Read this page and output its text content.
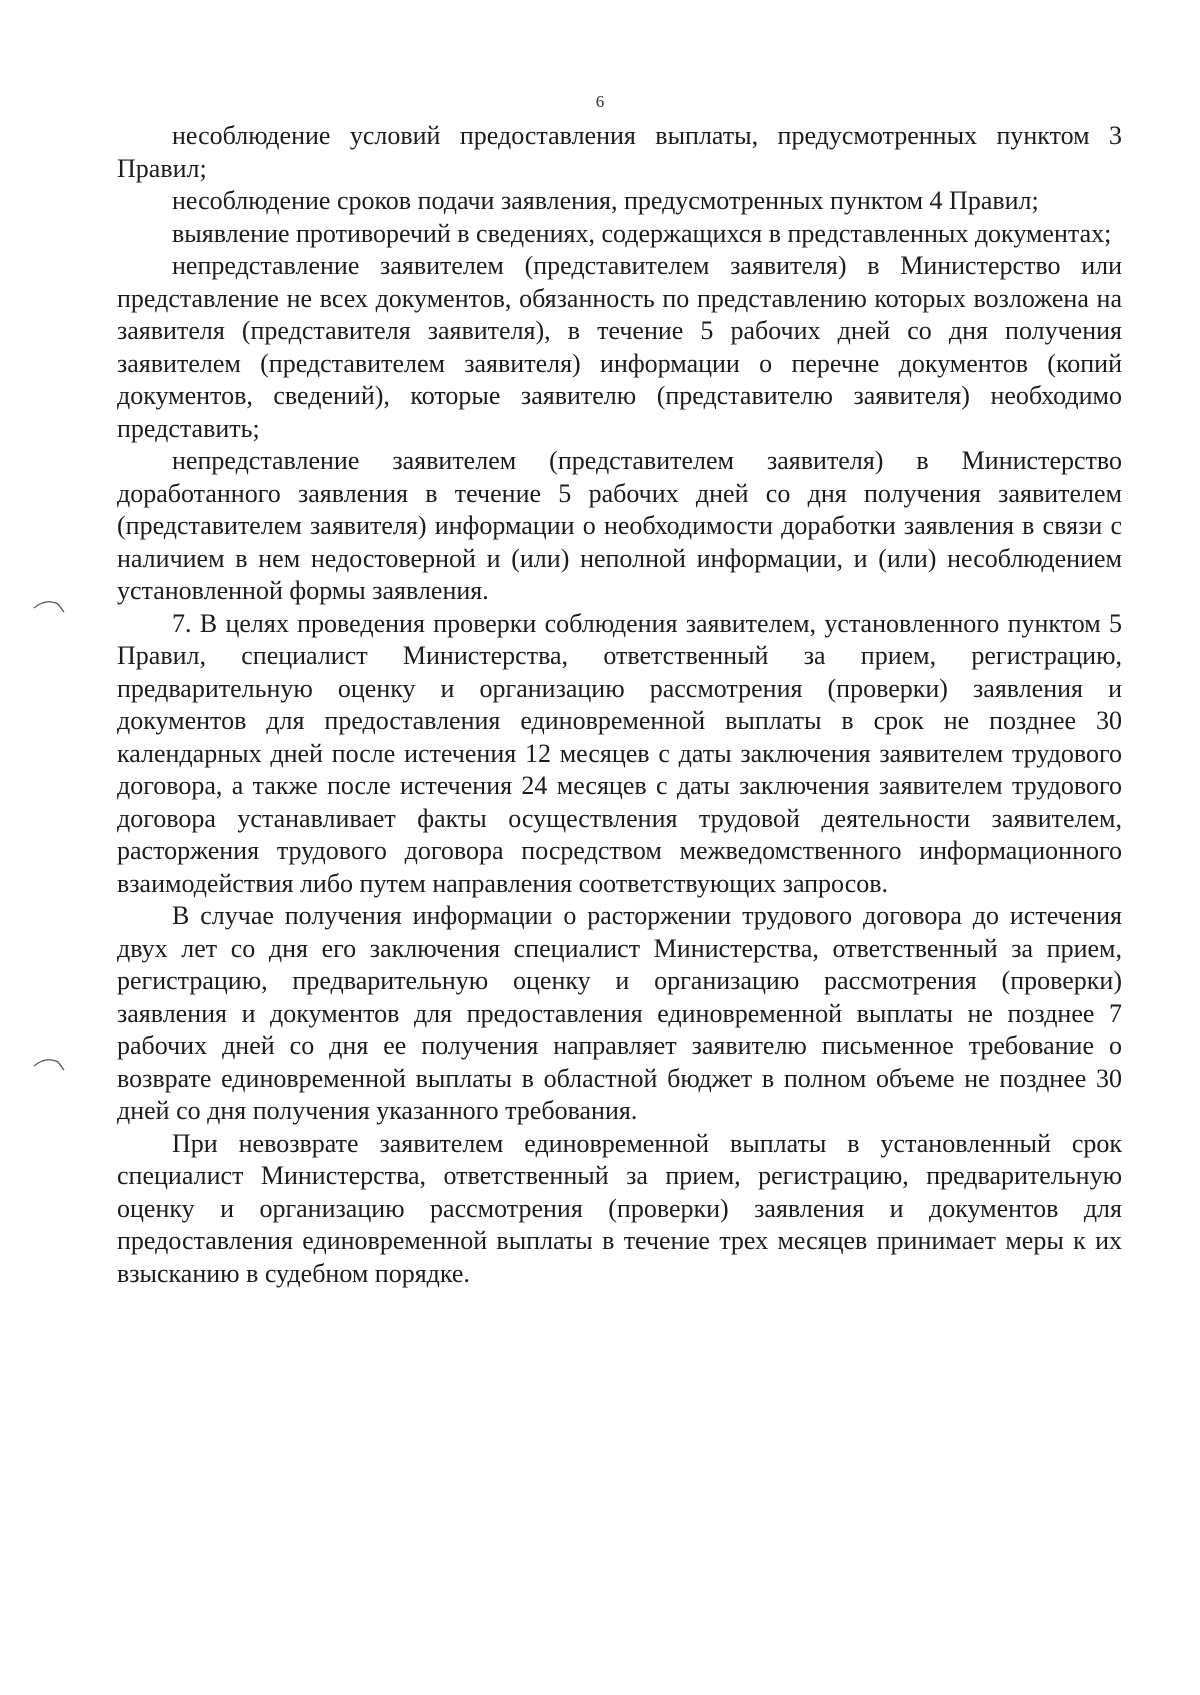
6

несоблюдение условий предоставления выплаты, предусмотренных пунктом 3 Правил;

несоблюдение сроков подачи заявления, предусмотренных пунктом 4 Правил;

выявление противоречий в сведениях, содержащихся в представленных документах;

непредставление заявителем (представителем заявителя) в Министерство или представление не всех документов, обязанность по представлению которых возложена на заявителя (представителя заявителя), в течение 5 рабочих дней со дня получения заявителем (представителем заявителя) информации о перечне документов (копий документов, сведений), которые заявителю (представителю заявителя) необходимо представить;

непредставление заявителем (представителем заявителя) в Министерство доработанного заявления в течение 5 рабочих дней со дня получения заявителем (представителем заявителя) информации о необходимости доработки заявления в связи с наличием в нем недостоверной и (или) неполной информации, и (или) несоблюдением установленной формы заявления.

7. В целях проведения проверки соблюдения заявителем, установленного пунктом 5 Правил, специалист Министерства, ответственный за прием, регистрацию, предварительную оценку и организацию рассмотрения (проверки) заявления и документов для предоставления единовременной выплаты в срок не позднее 30 календарных дней после истечения 12 месяцев с даты заключения заявителем трудового договора, а также после истечения 24 месяцев с даты заключения заявителем трудового договора устанавливает факты осуществления трудовой деятельности заявителем, расторжения трудового договора посредством межведомственного информационного взаимодействия либо путем направления соответствующих запросов.

В случае получения информации о расторжении трудового договора до истечения двух лет со дня его заключения специалист Министерства, ответственный за прием, регистрацию, предварительную оценку и организацию рассмотрения (проверки) заявления и документов для предоставления единовременной выплаты не позднее 7 рабочих дней со дня ее получения направляет заявителю письменное требование о возврате единовременной выплаты в областной бюджет в полном объеме не позднее 30 дней со дня получения указанного требования.

При невозврате заявителем единовременной выплаты в установленный срок специалист Министерства, ответственный за прием, регистрацию, предварительную оценку и организацию рассмотрения (проверки) заявления и документов для предоставления единовременной выплаты в течение трех месяцев принимает меры к их взысканию в судебном порядке.
